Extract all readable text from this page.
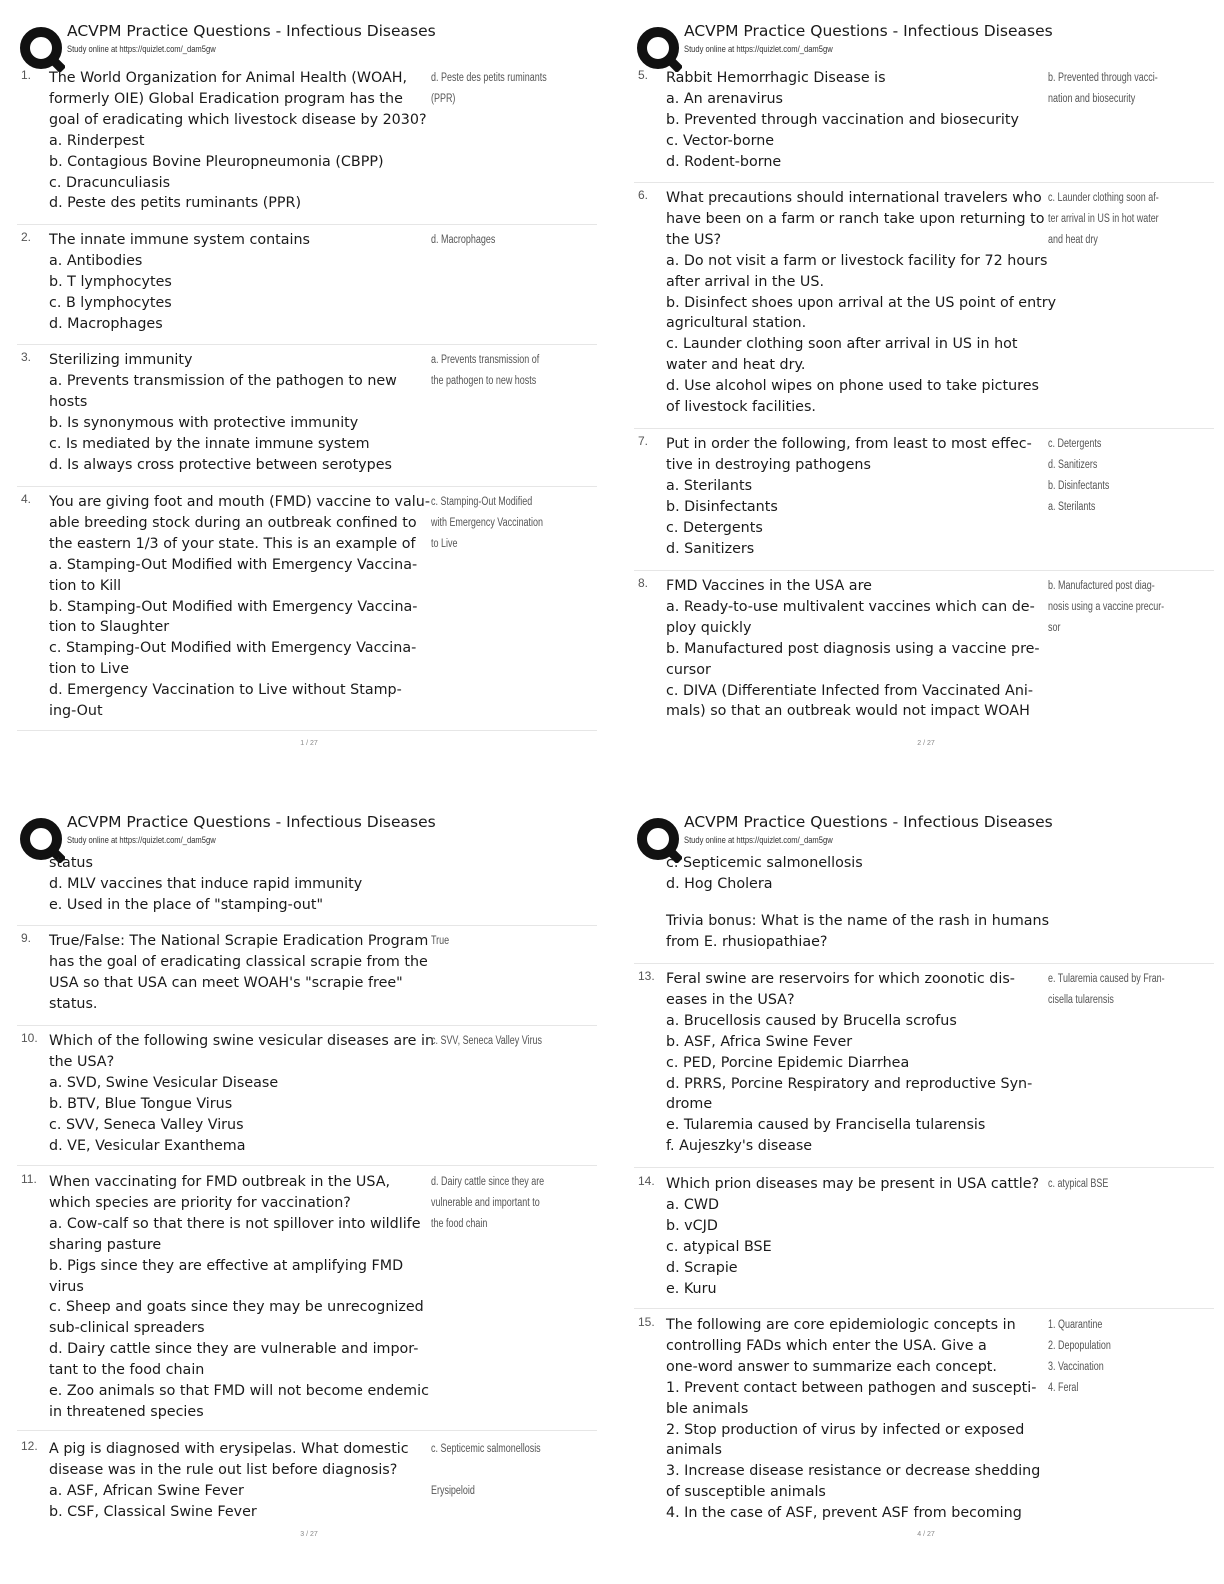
ACVPM Practice Questions - Infectious Diseases
Study online at https://quizlet.com/_dam5gw
1. The World Organization for Animal Health (WOAH,
formerly OIE) Global Eradication program has the
goal of eradicating which livestock disease by 2030?
a. Rinderpest
b. Contagious Bovine Pleuropneumonia (CBPP)
c. Dracunculiasis
d. Peste des petits ruminants (PPR)
d. Peste des petits ruminants
(PPR)
2. The innate immune system contains
a. Antibodies
b. T lymphocytes
c. B lymphocytes
d. Macrophages
d. Macrophages
3. Sterilizing immunity
a. Prevents transmission of the pathogen to new
hosts
b. Is synonymous with protective immunity
c. Is mediated by the innate immune system
d. Is always cross protective between serotypes
a. Prevents transmission of
the pathogen to new hosts
4. You are giving foot and mouth (FMD) vaccine to valu-
able breeding stock during an outbreak confined to
the eastern 1/3 of your state. This is an example of
a. Stamping-Out Modified with Emergency Vaccina-
tion to Kill
b. Stamping-Out Modified with Emergency Vaccina-
tion to Slaughter
c. Stamping-Out Modified with Emergency Vaccina-
tion to Live
d. Emergency Vaccination to Live without Stamp-
ing-Out
c. Stamping-Out Modified
with Emergency Vaccination
to Live
1 / 27
ACVPM Practice Questions - Infectious Diseases
Study online at https://quizlet.com/_dam5gw
5. Rabbit Hemorrhagic Disease is
a. An arenavirus
b. Prevented through vaccination and biosecurity
c. Vector-borne
d. Rodent-borne
b. Prevented through vacci-
nation and biosecurity
6. What precautions should international travelers who
have been on a farm or ranch take upon returning to
the US?
a. Do not visit a farm or livestock facility for 72 hours
after arrival in the US.
b. Disinfect shoes upon arrival at the US point of entry
agricultural station.
c. Launder clothing soon after arrival in US in hot
water and heat dry.
d. Use alcohol wipes on phone used to take pictures
of livestock facilities.
c. Launder clothing soon af-
ter arrival in US in hot water
and heat dry
7. Put in order the following, from least to most effec-
tive in destroying pathogens
a. Sterilants
b. Disinfectants
c. Detergents
d. Sanitizers
c. Detergents
d. Sanitizers
b. Disinfectants
a. Sterilants
8. FMD Vaccines in the USA are
a. Ready-to-use multivalent vaccines which can de-
ploy quickly
b. Manufactured post diagnosis using a vaccine pre-
cursor
c. DIVA (Differentiate Infected from Vaccinated Ani-
mals) so that an outbreak would not impact WOAH
b. Manufactured post diag-
nosis using a vaccine precur-
sor
2 / 27
ACVPM Practice Questions - Infectious Diseases
Study online at https://quizlet.com/_dam5gw
status
d. MLV vaccines that induce rapid immunity
e. Used in the place of "stamping-out"
9. True/False: The National Scrapie Eradication Program
has the goal of eradicating classical scrapie from the
USA so that USA can meet WOAH's "scrapie free"
status.
True
10. Which of the following swine vesicular diseases are in
the USA?
a. SVD, Swine Vesicular Disease
b. BTV, Blue Tongue Virus
c. SVV, Seneca Valley Virus
d. VE, Vesicular Exanthema
c. SVV, Seneca Valley Virus
11. When vaccinating for FMD outbreak in the USA,
which species are priority for vaccination?
a. Cow-calf so that there is not spillover into wildlife
sharing pasture
b. Pigs since they are effective at amplifying FMD
virus
c. Sheep and goats since they may be unrecognized
sub-clinical spreaders
d. Dairy cattle since they are vulnerable and impor-
tant to the food chain
e. Zoo animals so that FMD will not become endemic
in threatened species
d. Dairy cattle since they are
vulnerable and important to
the food chain
12. A pig is diagnosed with erysipelas. What domestic
disease was in the rule out list before diagnosis?
a. ASF, African Swine Fever
b. CSF, Classical Swine Fever
c. Septicemic salmonellosis
Erysipeloid
3 / 27
ACVPM Practice Questions - Infectious Diseases
Study online at https://quizlet.com/_dam5gw
c. Septicemic salmonellosis
d. Hog Cholera
Trivia bonus: What is the name of the rash in humans
from E. rhusiopathiae?
13. Feral swine are reservoirs for which zoonotic dis-
eases in the USA?
a. Brucellosis caused by Brucella scrofus
b. ASF, Africa Swine Fever
c. PED, Porcine Epidemic Diarrhea
d. PRRS, Porcine Respiratory and reproductive Syn-
drome
e. Tularemia caused by Francisella tularensis
f. Aujeszky's disease
e. Tularemia caused by Fran-
cisella tularensis
14. Which prion diseases may be present in USA cattle?
a. CWD
b. vCJD
c. atypical BSE
d. Scrapie
e. Kuru
c. atypical BSE
15. The following are core epidemiologic concepts in
controlling FADs which enter the USA. Give a
one-word answer to summarize each concept.
1. Prevent contact between pathogen and suscepti-
ble animals
2. Stop production of virus by infected or exposed
animals
3. Increase disease resistance or decrease shedding
of susceptible animals
4. In the case of ASF, prevent ASF from becoming
1. Quarantine
2. Depopulation
3. Vaccination
4. Feral
4 / 27
